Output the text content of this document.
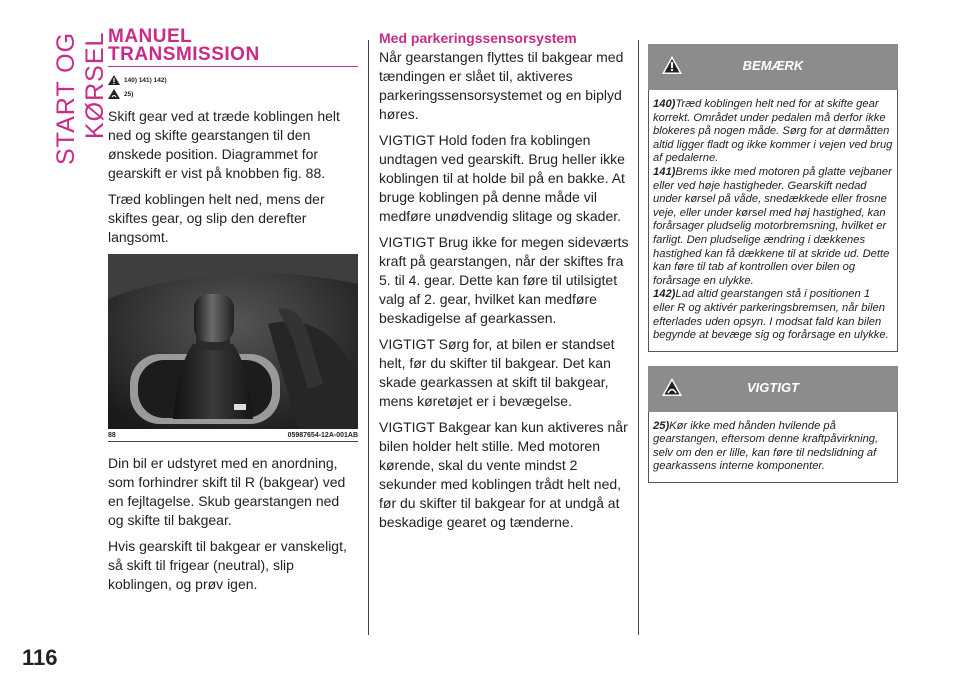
START OG KØRSEL
116
MANUEL
TRANSMISSION
140) 141) 142)
25)

Skift gear ved at træde koblingen helt ned og skifte gearstangen til den ønskede position. Diagrammet for gearskift er vist på knobben fig. 88.

Træd koblingen helt ned, mens der skiftes gear, og slip den derefter langsomt.

88	05987654-12A-001AB

Din bil er udstyret med en anordning, som forhindrer skift til R (bakgear) ved en fejltagelse. Skub gearstangen ned og skifte til bakgear.

Hvis gearskift til bakgear er vanskeligt, så skift til frigear (neutral), slip koblingen, og prøv igen.

Med parkeringssensorsystem

Når gearstangen flyttes til bakgear med tændingen er slået til, aktiveres parkeringssensorsystemet og en biplyd høres.

VIGTIGT Hold foden fra koblingen undtagen ved gearskift. Brug heller ikke koblingen til at holde bil på en bakke. At bruge koblingen på denne måde vil medføre unødvendig slitage og skader.

VIGTIGT Brug ikke for megen sideværts kraft på gearstangen, når der skiftes fra 5. til 4. gear. Dette kan føre til utilsigtet valg af 2. gear, hvilket kan medføre beskadigelse af gearkassen.

VIGTIGT Sørg for, at bilen er standset helt, før du skifter til bakgear. Det kan skade gearkassen at skift til bakgear, mens køretøjet er i bevægelse.

VIGTIGT Bakgear kan kun aktiveres når bilen holder helt stille. Med motoren kørende, skal du vente mindst 2 sekunder med koblingen trådt helt ned, før du skifter til bakgear for at undgå at beskadige gearet og tænderne.

BEMÆRK
140)Træd koblingen helt ned for at skifte gear korrekt. Området under pedalen må derfor ikke blokeres på nogen måde. Sørg for at dørmåtten altid ligger fladt og ikke kommer i vejen ved brug af pedalerne.
141)Brems ikke med motoren på glatte vejbaner eller ved høje hastigheder. Gearskift nedad under kørsel på våde, snedækkede eller frosne veje, eller under kørsel med høj hastighed, kan forårsager pludselig motorbremsning, hvilket er farligt. Den pludselige ændring i dækkenes hastighed kan få dækkene til at skride ud. Dette kan føre til tab af kontrollen over bilen og forårsage en ulykke.
142)Lad altid gearstangen stå i positionen 1 eller R og aktivér parkeringsbremsen, når bilen efterlades uden opsyn. I modsat fald kan bilen begynde at bevæge sig og forårsage en ulykke.
VIGTIGT
25)Kør ikke med hånden hvilende på gearstangen, eftersom denne kraftpåvirkning, selv om den er lille, kan føre til nedslidning af gearkassens interne komponenter.
